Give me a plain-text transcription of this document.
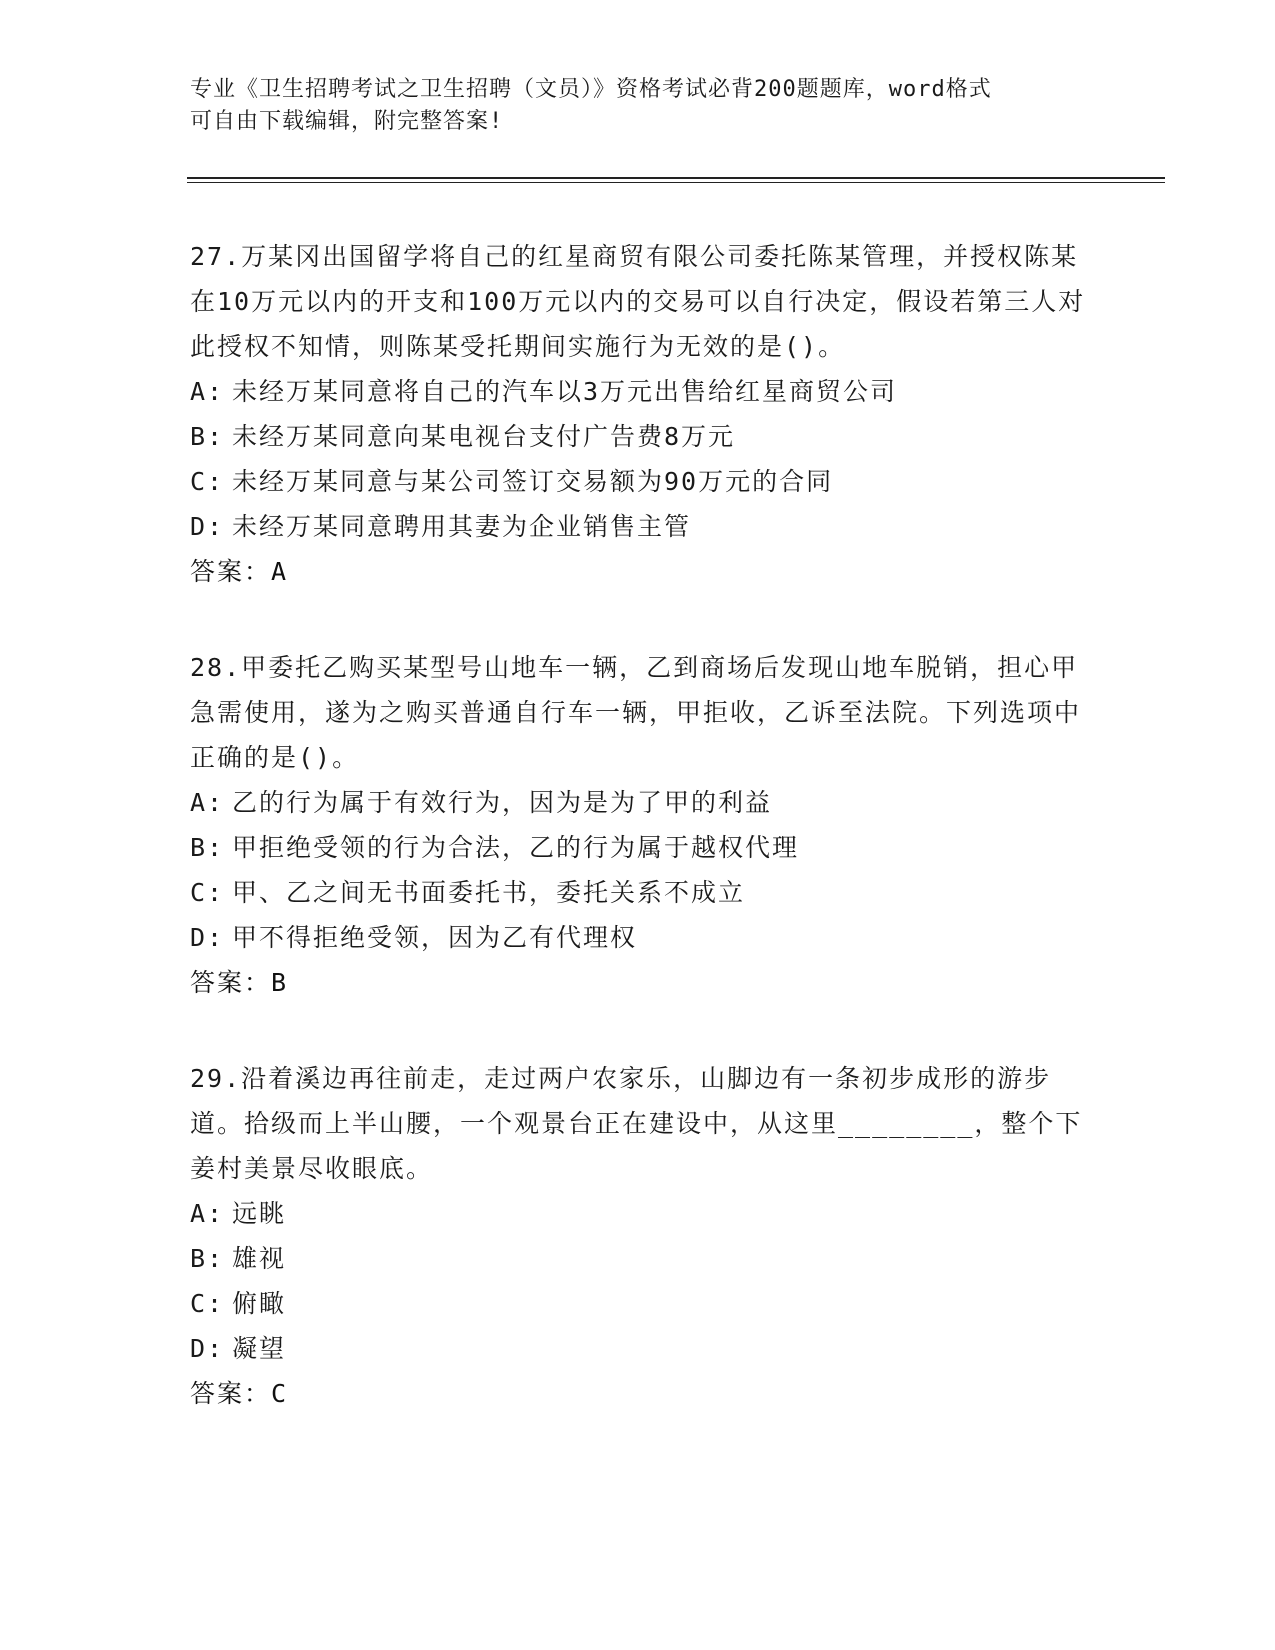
专业《卫生招聘考试之卫生招聘（文员）》资格考试必背200题题库，word格式
可自由下载编辑，附完整答案!

27.万某冈出国留学将自己的红星商贸有限公司委托陈某管理，并授权陈某在10万元以内的开支和100万元以内的交易可以自行决定，假设若第三人对此授权不知情，则陈某受托期间实施行为无效的是()。

A: 未经万某同意将自己的汽车以3万元出售给红星商贸公司

B: 未经万某同意向某电视台支付广告费8万元

C: 未经万某同意与某公司签订交易额为90万元的合同

D: 未经万某同意聘用其妻为企业销售主管

答案：A

28.甲委托乙购买某型号山地车一辆，乙到商场后发现山地车脱销，担心甲急需使用，遂为之购买普通自行车一辆，甲拒收，乙诉至法院。下列选项中正确的是()。

A: 乙的行为属于有效行为，因为是为了甲的利益

B: 甲拒绝受领的行为合法，乙的行为属于越权代理

C: 甲、乙之间无书面委托书，委托关系不成立

D: 甲不得拒绝受领，因为乙有代理权

答案：B

29.沿着溪边再往前走，走过两户农家乐，山脚边有一条初步成形的游步道。拾级而上半山腰，一个观景台正在建设中，从这里________，整个下姜村美景尽收眼底。

A: 远眺

B: 雄视

C: 俯瞰

D: 凝望

答案：C
